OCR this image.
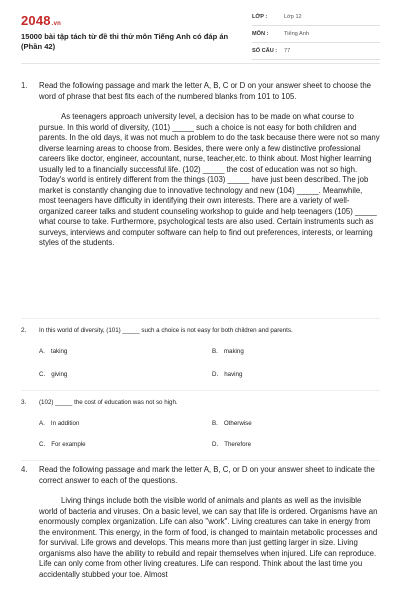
2048.vn
15000 bài tập tách từ đề thi thử môn Tiếng Anh có đáp án (Phần 42)
LỚP :	Lớp 12
MÔN :	Tiếng Anh
SỐ CÂU : 77
1. Read the following passage and mark the letter A, B, C or D on your answer sheet to choose the word of phrase that best fits each of the numbered blanks from 101 to 105.

As teenagers approach university level, a decision has to be made on what course to pursue. In this world of diversity, (101) _____ such a choice is not easy for both children and parents. In the old days, it was not much a problem to do the task because there were not so many diverse learning areas to choose from. Besides, there were only a few distinctive professional careers like doctor, engineer, accountant, nurse, teacher,etc. to think about. Most higher learning usually led to a financially successful life. (102) _____ the cost of education was not so high. Today's world is entirely different from the things (103) _____ have just been described. The job market is constantly changing due to innovative technology and new (104) _____. Meanwhile, most teenagers have difficulty in identifying their own interests. There are a variety of well- organized career talks and student counseling workshop to guide and help teenagers (105) _____ what course to take. Furthermore, psychological tests are also used. Certain instruments such as surveys, interviews and computer software can help to find out preferences, interests, or learning styles of the students.

2. In this world of diversity, (101) _____ such a choice is not easy for both children and parents.
A. taking	B. making
C. giving	D. having
3. (102) _____ the cost of education was not so high.
A. In addition	B. Otherwise
C. For example	D. Therefore
4. Read the following passage and mark the letter A, B, C, or D on your answer sheet to indicate the correct answer to each of the questions.

Living things include both the visible world of animals and plants as well as the invisible world of bacteria and viruses. On a basic level, we can say that life is ordered. Organisms have an enormously complex organization. Life can also "work". Living creatures can take in energy from the environment. This energy, in the form of food, is changed to maintain metabolic processes and for survival. Life grows and develops. This means more than just getting larger in size. Living organisms also have the ability to rebuild and repair themselves when injured. Life can reproduce. Life can only come from other living creatures. Life can respond. Think about the last time you accidentally stubbed your toe. Almost
